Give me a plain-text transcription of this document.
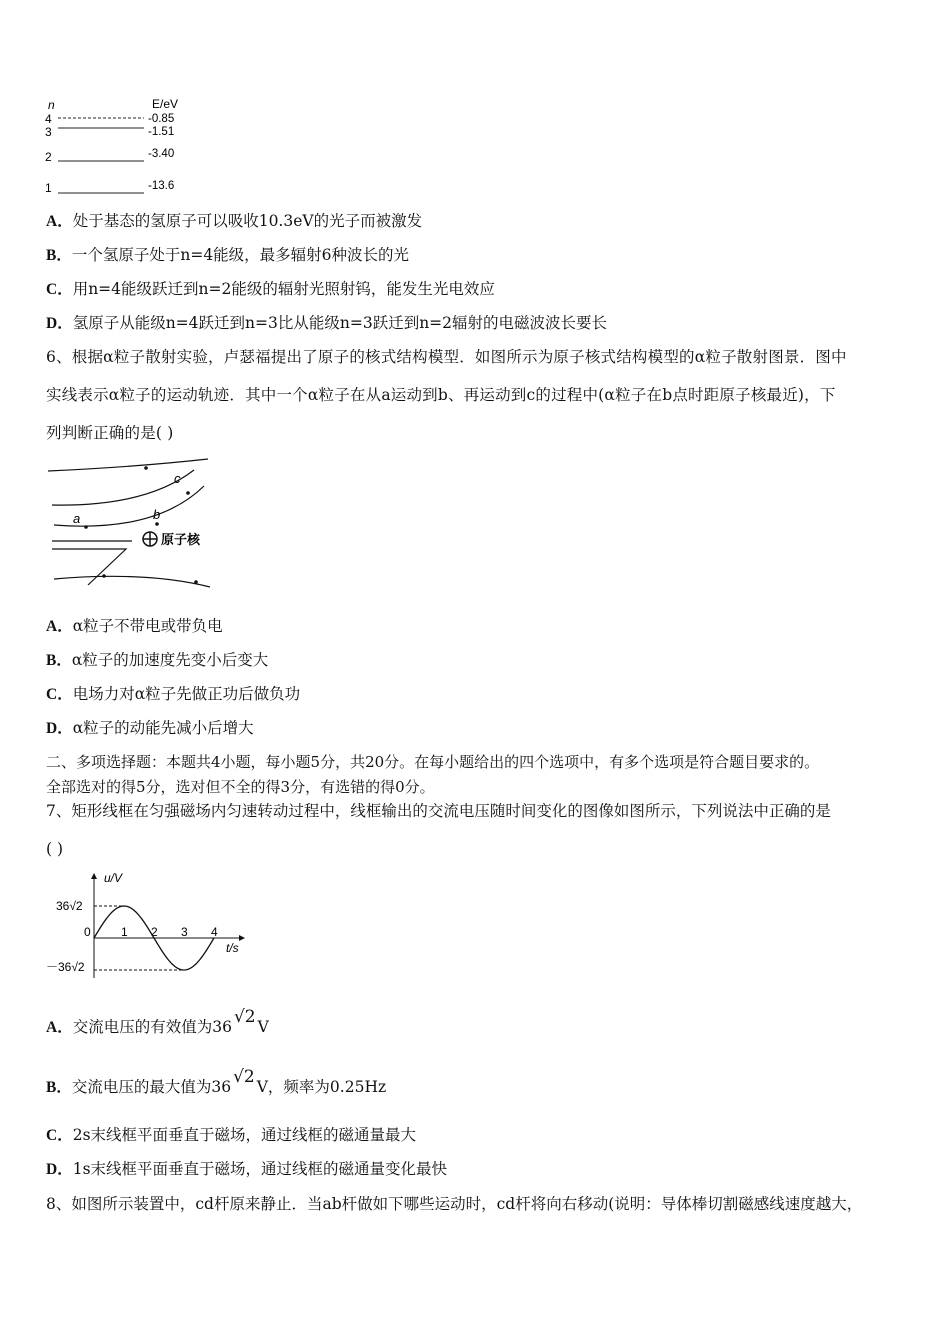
n	E/eV
4	-0.85
3	-1.51
2	-3.40
1	-13.6
A．处于基态的氢原子可以吸收10.3eV的光子而被激发
B．一个氢原子处于n=4能级，最多辐射6种波长的光
C．用n=4能级跃迁到n=2能级的辐射光照射钨，能发生光电效应
D．氢原子从能级n=4跃迁到n=3比从能级n=3跃迁到n=2辐射的电磁波波长要长
6、根据α粒子散射实验，卢瑟福提出了原子的核式结构模型．如图所示为原子核式结构模型的α粒子散射图景．图中
实线表示α粒子的运动轨迹．其中一个α粒子在从a运动到b、再运动到c的过程中(α粒子在b点时距原子核最近)，下
列判断正确的是( )
a	b
c
原子核
A．α粒子不带电或带负电
B．α粒子的加速度先变小后变大
C．电场力对α粒子先做正功后做负功
D．α粒子的动能先减小后增大
二、多项选择题：本题共4小题，每小题5分，共20分。在每小题给出的四个选项中，有多个选项是符合题目要求的。
全部选对的得5分，选对但不全的得3分，有选错的得0分。
7、矩形线框在匀强磁场内匀速转动过程中，线框输出的交流电压随时间变化的图像如图所示，下列说法中正确的是
( )
u/V
t/s
36√2
－36√2
0	1 2 3 4
A．交流电压的有效值为36 √2 V
B．交流电压的最大值为36 √2 V，频率为0.25Hz
C．2s末线框平面垂直于磁场，通过线框的磁通量最大
D．1s末线框平面垂直于磁场，通过线框的磁通量变化最快
8、如图所示装置中，cd杆原来静止．当ab杆做如下哪些运动时，cd杆将向右移动(说明：导体棒切割磁感线速度越大，
